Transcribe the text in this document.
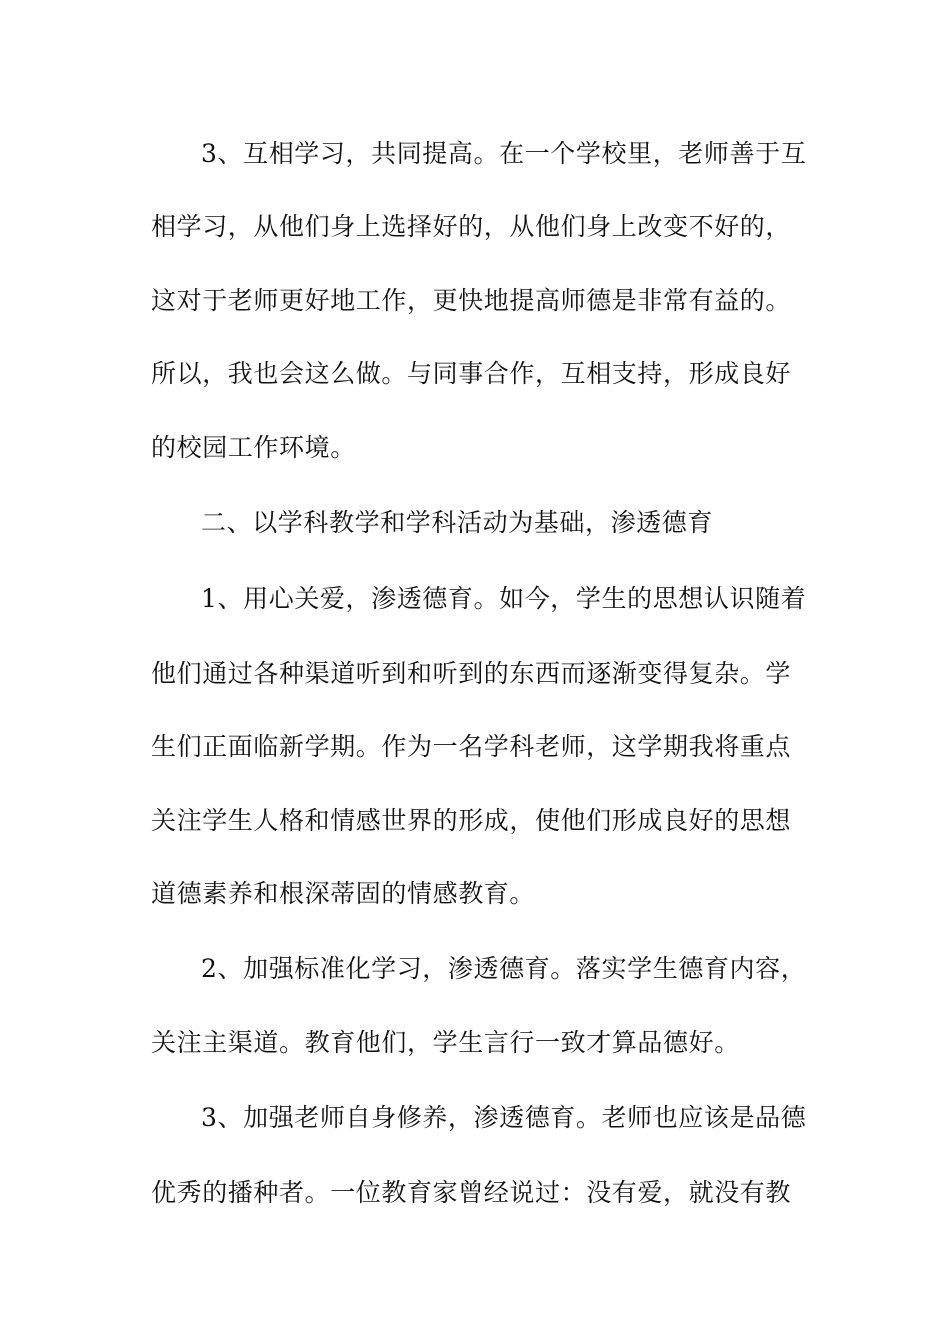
3、互相学习，共同提高。在一个学校里，老师善于互
相学习，从他们身上选择好的，从他们身上改变不好的，
这对于老师更好地工作，更快地提高师德是非常有益的。
所以，我也会这么做。与同事合作，互相支持，形成良好
的校园工作环境。
二、以学科教学和学科活动为基础，渗透德育
1、用心关爱，渗透德育。如今，学生的思想认识随着
他们通过各种渠道听到和听到的东西而逐渐变得复杂。学
生们正面临新学期。作为一名学科老师，这学期我将重点
关注学生人格和情感世界的形成，使他们形成良好的思想
道德素养和根深蒂固的情感教育。
2、加强标准化学习，渗透德育。落实学生德育内容，
关注主渠道。教育他们，学生言行一致才算品德好。
3、加强老师自身修养，渗透德育。老师也应该是品德
优秀的播种者。一位教育家曾经说过：没有爱，就没有教
